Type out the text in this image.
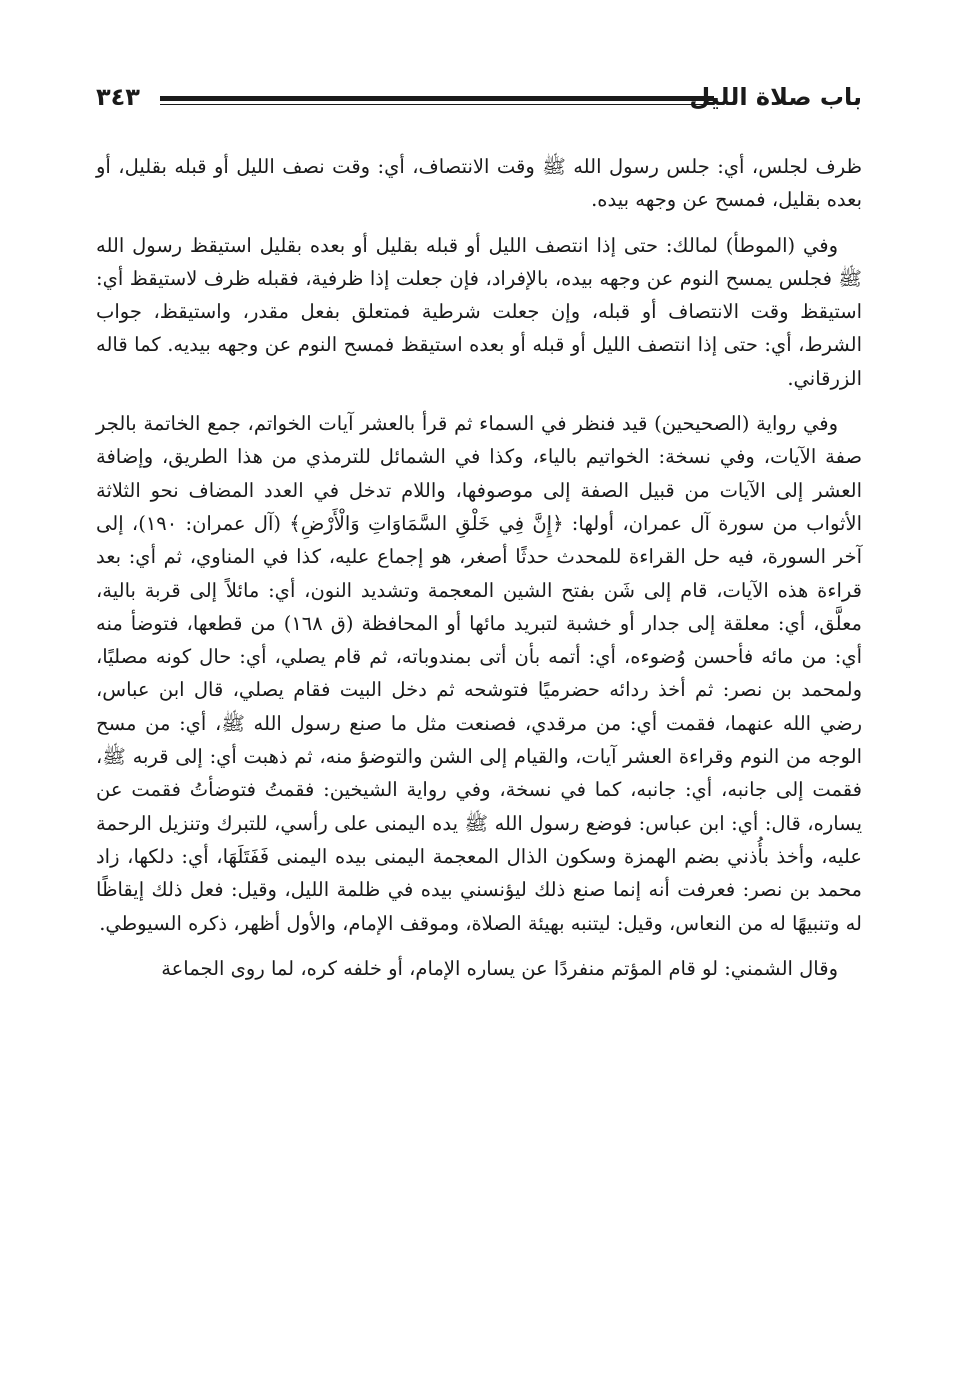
باب صلاة الليل
٣٤٣

ظرف لجلس، أي: جلس رسول الله ﷺ وقت الانتصاف، أي: وقت نصف الليل أو قبله بقليل، أو بعده بقليل، فمسح عن وجهه بيده.

وفي (الموطأ) لمالك: حتى إذا انتصف الليل أو قبله بقليل أو بعده بقليل استيقظ رسول الله ﷺ فجلس يمسح النوم عن وجهه بيده، بالإفراد، فإن جعلت إذا ظرفية، فقبله ظرف لاستيقظ أي: استيقظ وقت الانتصاف أو قبله، وإن جعلت شرطية فمتعلق بفعل مقدر، واستيقظ، جواب الشرط، أي: حتى إذا انتصف الليل أو قبله أو بعده استيقظ فمسح النوم عن وجهه بيديه. كما قاله الزرقاني.

وفي رواية (الصحيحين) قيد فنظر في السماء ثم قرأ بالعشر آيات الخواتم، جمع الخاتمة بالجر صفة الآيات، وفي نسخة: الخواتيم بالياء، وكذا في الشمائل للترمذي من هذا الطريق، وإضافة العشر إلى الآيات من قبيل الصفة إلى موصوفها، واللام تدخل في العدد المضاف نحو الثلاثة الأثواب من سورة آل عمران، أولها: ﴿إِنَّ فِي خَلْقِ السَّمَاوَاتِ وَالْأَرْضِ﴾ (آل عمران: ١٩٠)، إلى آخر السورة، فيه حل القراءة للمحدث حدثًا أصغر، هو إجماع عليه، كذا في المناوي، ثم أي: بعد قراءة هذه الآيات، قام إلى شَن بفتح الشين المعجمة وتشديد النون، أي: مائلاً إلى قربة بالية، معلَّق، أي: معلقة إلى جدار أو خشبة لتبريد مائها أو المحافظة (ق ١٦٨) من قطعها، فتوضأ منه أي: من مائه فأحسن وُضوءه، أي: أتمه بأن أتى بمندوباته، ثم قام يصلي، أي: حال كونه مصليًا، ولمحمد بن نصر: ثم أخذ ردائه حضرميًا فتوشحه ثم دخل البيت فقام يصلي، قال ابن عباس، رضي الله عنهما، فقمت أي: من مرقدي، فصنعت مثل ما صنع رسول الله ﷺ، أي: من مسح الوجه من النوم وقراءة العشر آيات، والقيام إلى الشن والتوضؤ منه، ثم ذهبت أي: إلى قربه ﷺ، فقمت إلى جانبه، أي: جانبه، كما في نسخة، وفي رواية الشيخين: فقمتُ فتوضأتُ فقمت عن يساره، قال: أي: ابن عباس: فوضع رسول الله ﷺ يده اليمنى على رأسي، للتبرك وتنزيل الرحمة عليه، وأخذ بأُذني بضم الهمزة وسكون الذال المعجمة اليمنى بيده اليمنى فَفَتَلَهَا، أي: دلكها، زاد محمد بن نصر: فعرفت أنه إنما صنع ذلك ليؤنسني بيده في ظلمة الليل، وقيل: فعل ذلك إيقاظًا له وتنبيهًا له من النعاس، وقيل: ليتنبه بهيئة الصلاة، وموقف الإمام، والأول أظهر، ذكره السيوطي.

وقال الشمني: لو قام المؤتم منفردًا عن يساره الإمام، أو خلفه كره، لما روى الجماعة
